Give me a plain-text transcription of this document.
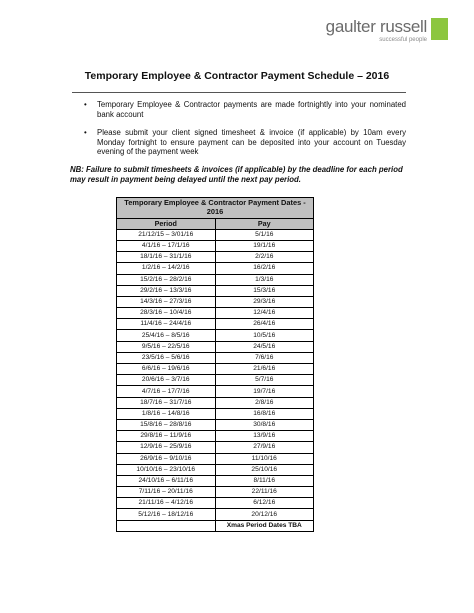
gaulter russell
successful people
Temporary Employee & Contractor Payment Schedule – 2016
• Temporary Employee & Contractor payments are made fortnightly into your nominated bank account
• Please submit your client signed timesheet & invoice (if applicable) by 10am every Monday fortnight to ensure payment can be deposited into your account on Tuesday evening of the payment week
NB: Failure to submit timesheets & invoices (if applicable) by the deadline for each period may result in payment being delayed until the next pay period.
Temporary Employee & Contractor Payment Dates - 2016	
Period	Pay
21/12/15 – 3/01/16	5/1/16
4/1/16 – 17/1/16	19/1/16
18/1/16 – 31/1/16	2/2/16
1/2/16 – 14/2/16	16/2/16
15/2/16 – 28/2/16	1/3/16
29/2/16 – 13/3/16	15/3/16
14/3/16 – 27/3/16	29/3/16
28/3/16 – 10/4/16	12/4/16
11/4/16 – 24/4/16	26/4/16
25/4/16 – 8/5/16	10/5/16
9/5/16 – 22/5/16	24/5/16
23/5/16 – 5/6/16	7/6/16
6/6/16 – 19/6/16	21/6/16
20/6/16 – 3/7/16	5/7/16
4/7/16 – 17/7/16	19/7/16
18/7/16 – 31/7/16	2/8/16
1/8/16 – 14/8/16	16/8/16
15/8/16 – 28/8/16	30/8/16
29/8/16 – 11/9/16	13/9/16
12/9/16 – 25/9/16	27/9/16
26/9/16 – 9/10/16	11/10/16
10/10/16 – 23/10/16	25/10/16
24/10/16 – 6/11/16	8/11/16
7/11/16 – 20/11/16	22/11/16
21/11/16 – 4/12/16	6/12/16
5/12/16 – 18/12/16	20/12/16
	Xmas Period Dates TBA
